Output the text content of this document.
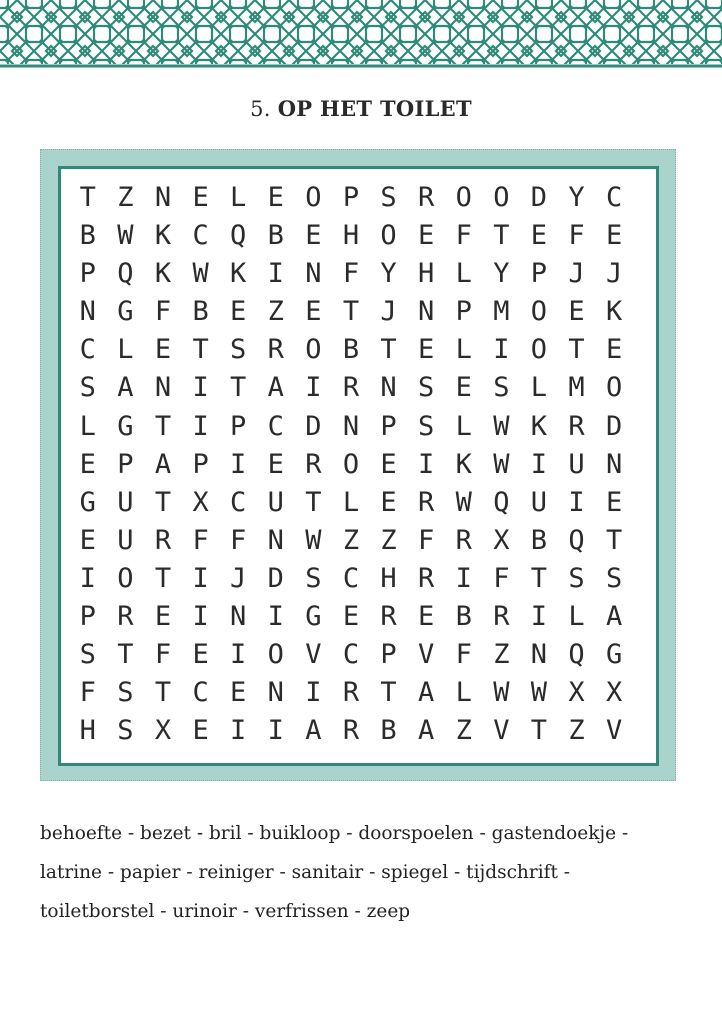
5. OP HET TOILET
T Z N E L E O P S R O O D Y C
B W K C Q B E H O E F T E F E
P Q K W K I N F Y H L Y P J J
N G F B E Z E T J N P M O E K
C L E T S R O B T E L I O T E
S A N I T A I R N S E S L M O
L G T I P C D N P S L W K R D
E P A P I E R O E I K W I U N
G U T X C U T L E R W Q U I E
E U R F F N W Z Z F R X B Q T
I O T I J D S C H R I F T S S
P R E I N I G E R E B R I L A
S T F E I O V C P V F Z N Q G
F S T C E N I R T A L W W X X
H S X E I I A R B A Z V T Z V
behoefte - bezet - bril - buikloop - doorspoelen - gastendoekje -
latrine - papier - reiniger - sanitair - spiegel - tijdschrift -
toiletborstel - urinoir - verfrissen - zeep
